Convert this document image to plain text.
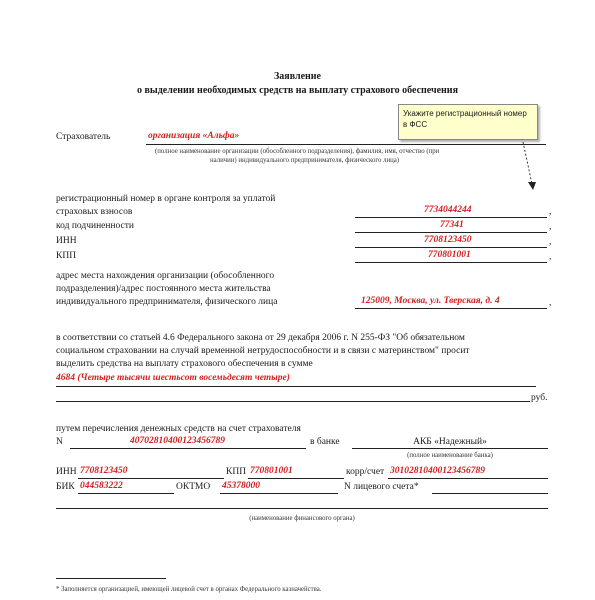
Заявление
о выделении необходимых средств на выплату страхового обеспечения
Укажите регистрационный номер в ФСС
Страхователь	организация «Альфа»
(полное наименование организации (обособленного подразделения), фамилия, имя, отчество (при
наличии) индивидуального предпринимателя, физического лица)
регистрационный номер в органе контроля за уплатой
страховых взносов	7734044244	,
код подчиненности	77341	,
ИНН	7708123450	,
КПП	770801001	,
адрес места нахождения организации (обособленного
подразделения)/адрес постоянного места жительства
индивидуального предпринимателя, физического лица	125009, Москва, ул. Тверская, д. 4	,
в соответствии со статьей 4.6 Федерального закона от 29 декабря 2006 г. N 255-ФЗ "Об обязательном
социальном страховании на случай временной нетрудоспособности и в связи с материнством" просит
выделить средства на выплату страхового обеспечения в сумме
4684 (Четыре тысячи шестьсот восемьдесят четыре)
руб.
путем перечисления денежных средств на счет страхователя
N	40702810400123456789	в банке	АКБ «Надежный»
(полное наименование банка)
ИНН 7708123450	КПП 770801001	корр/счет 30102810400123456789
БИК 044583222	ОКТМО 45378000	N лицевого счета*
(наименование финансового органа)
* Заполняется организацией, имеющей лицевой счет в органах Федерального казначейства.
